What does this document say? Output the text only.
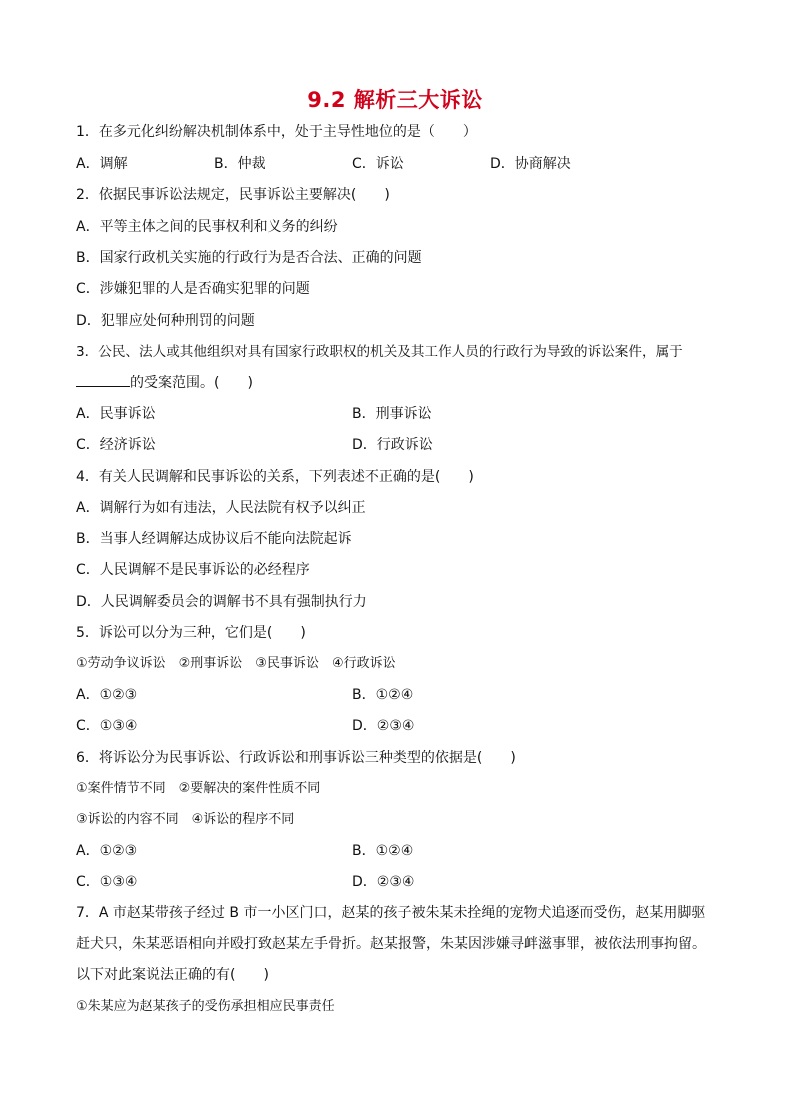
9.2 解析三大诉讼
1．在多元化纠纷解决机制体系中，处于主导性地位的是（　　）
A．调解	B．仲裁	C．诉讼	D．协商解决
2．依据民事诉讼法规定，民事诉讼主要解决(　　)
A．平等主体之间的民事权利和义务的纠纷
B．国家行政机关实施的行政行为是否合法、正确的问题
C．涉嫌犯罪的人是否确实犯罪的问题
D．犯罪应处何种刑罚的问题
3．公民、法人或其他组织对具有国家行政职权的机关及其工作人员的行政行为导致的诉讼案件，属于
的受案范围。(　　)
A．民事诉讼	B．刑事诉讼
C．经济诉讼	D．行政诉讼
4．有关人民调解和民事诉讼的关系，下列表述不正确的是(　　)
A．调解行为如有违法，人民法院有权予以纠正
B．当事人经调解达成协议后不能向法院起诉
C．人民调解不是民事诉讼的必经程序
D．人民调解委员会的调解书不具有强制执行力
5．诉讼可以分为三种，它们是(　　)
①劳动争议诉讼　②刑事诉讼　③民事诉讼　④行政诉讼
A．①②③	B．①②④
C．①③④	D．②③④
6．将诉讼分为民事诉讼、行政诉讼和刑事诉讼三种类型的依据是(　　)
①案件情节不同　②要解决的案件性质不同
③诉讼的内容不同　④诉讼的程序不同
A．①②③	B．①②④
C．①③④	D．②③④
7．A 市赵某带孩子经过 B 市一小区门口，赵某的孩子被朱某未拴绳的宠物犬追逐而受伤，赵某用脚驱赶犬只，朱某恶语相向并殴打致赵某左手骨折。赵某报警，朱某因涉嫌寻衅滋事罪，被依法刑事拘留。以下对此案说法正确的有(　　)
①朱某应为赵某孩子的受伤承担相应民事责任
